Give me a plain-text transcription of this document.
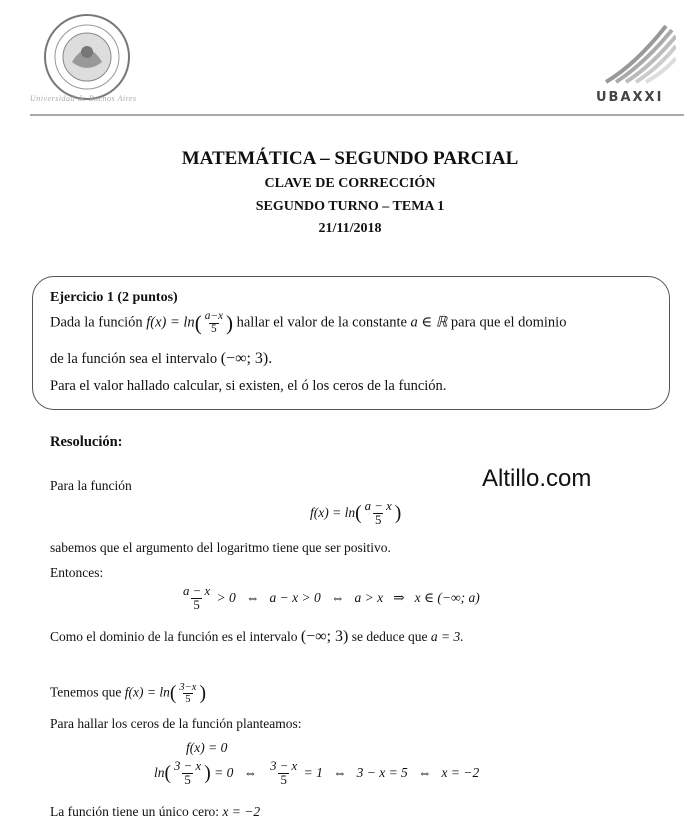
Universidad de Buenos Aires	UBAXXI
MATEMÁTICA – SEGUNDO PARCIAL
CLAVE DE CORRECCIÓN
SEGUNDO TURNO – TEMA 1
21/11/2018
Ejercicio 1 (2 puntos)
Dada la función $f(x) = \ln( \frac{a-x}{5}$ ) hallar el valor de la constante a ∈ ℝ para que el dominio
de la función sea el intervalo (−∞; 3).
Para el valor hallado calcular, si existen, el ó los ceros de la función.
Resolución:
Altillo.com
Para la función
$f(x) = \ln( \frac{a - x}{5}$ )
sabemos que el argumento del logaritmo tiene que ser positivo.
Entonces:
$\frac{a - x}{5} > 0$   ⇔   a − x > 0   ⇔   a > x   ⇒   x ∈ (−∞; a)
Como el dominio de la función es el intervalo (−∞; 3) se deduce que a = 3.
Tenemos que $f(x) = \ln( \frac{3-x}{5}$ )
Para hallar los ceros de la función planteamos:
f(x) = 0
$\ln( \frac{3 - x}{5}$ ) = 0   ⇔ $\frac{3 - x}{5} = 1$   ⇔   3 − x = 5   ⇔   x = −2
La función tiene un único cero: x = −2
